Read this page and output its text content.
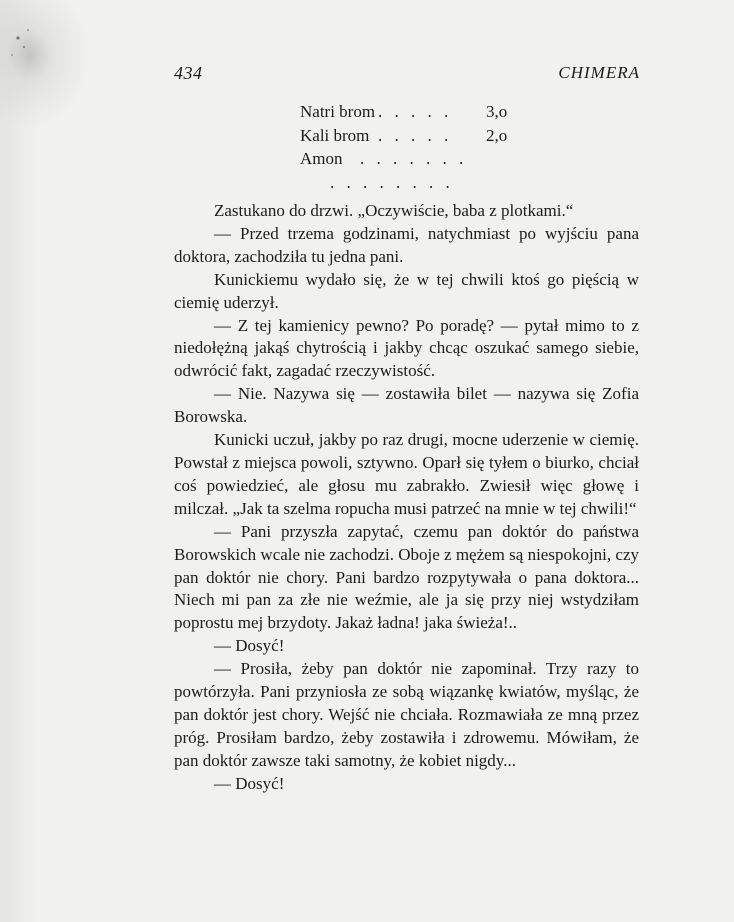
434	CHIMERA
Natri brom . . . . .	3,o
Kali brom . . . . .	2,o
Amon	. . . . . . .
. . . . . . . .

Zastukano do drzwi. „Oczywiście, baba z plotkami.“

— Przed trzema godzinami, natychmiast po wyjściu pana doktora, zachodziła tu jedna pani.

Kunickiemu wydało się, że w tej chwili ktoś go pięścią w ciemię uderzył.

— Z tej kamienicy pewno? Po poradę? — pytał mimo to z niedołężną jakąś chytrością i jakby chcąc oszukać samego siebie, odwrócić fakt, zagadać rzeczywistość.

— Nie. Nazywa się — zostawiła bilet — nazywa się Zofia Borowska.

Kunicki uczuł, jakby po raz drugi, mocne uderzenie w ciemię. Powstał z miejsca powoli, sztywno. Oparł się tyłem o biurko, chciał coś powiedzieć, ale głosu mu zabrakło. Zwiesił więc głowę i milczał. „Jak ta szelma ropucha musi patrzeć na mnie w tej chwili!“

— Pani przyszła zapytać, czemu pan doktór do państwa Borowskich wcale nie zachodzi. Oboje z mężem są niespokojni, czy pan doktór nie chory. Pani bardzo rozpytywała o pana doktora... Niech mi pan za złe nie weźmie, ale ja się przy niej wstydziłam poprostu mej brzydoty. Jakaż ładna! jaka świeża!..

— Dosyć!

— Prosiła, żeby pan doktór nie zapominał. Trzy razy to powtórzyła. Pani przyniosła ze sobą wiązankę kwiatów, myśląc, że pan doktór jest chory. Wejść nie chciała. Rozmawiała ze mną przez próg. Prosiłam bardzo, żeby zostawiła i zdrowemu. Mówiłam, że pan doktór zawsze taki samotny, że kobiet nigdy...

— Dosyć!
